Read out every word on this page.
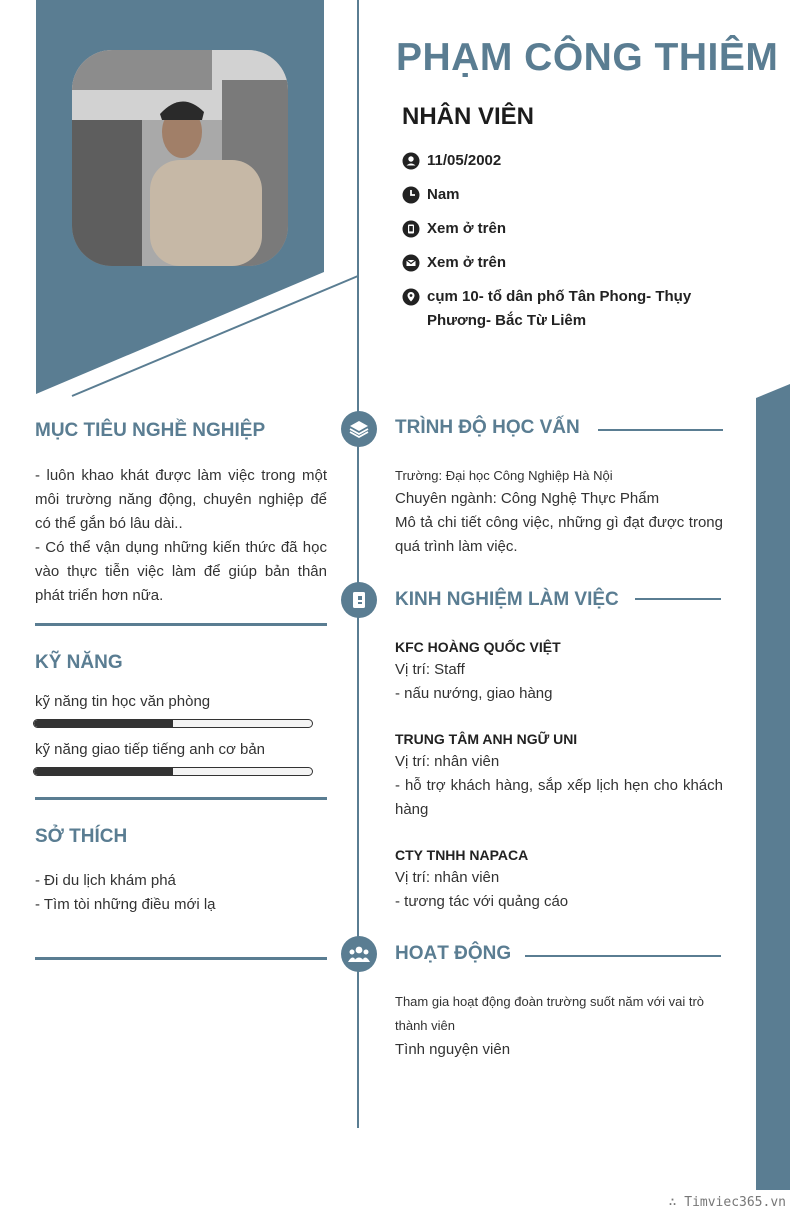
PHẠM CÔNG THIÊM
NHÂN VIÊN
11/05/2002
Nam
Xem ở trên
Xem ở trên
cụm 10- tổ dân phố Tân Phong- Thụy Phương- Bắc Từ Liêm
MỤC TIÊU NGHỀ NGHIỆP
- luôn khao khát được làm việc trong một môi trường năng động, chuyên nghiệp để có thể gắn bó lâu dài..
- Có thể vận dụng những kiến thức đã học vào thực tiễn việc làm để giúp bản thân phát triển hơn nữa.
KỸ NĂNG
kỹ năng tin học văn phòng
kỹ năng giao tiếp tiếng anh cơ bản
SỞ THÍCH
- Đi du lịch khám phá
- Tìm tòi những điều mới lạ
TRÌNH ĐỘ HỌC VẤN
Trường: Đại học Công Nghiệp Hà Nội
Chuyên ngành: Công Nghệ Thực Phẩm
Mô tả chi tiết công việc, những gì đạt được trong quá trình làm việc.
KINH NGHIỆM LÀM VIỆC
KFC HOÀNG QUỐC VIỆT
Vị trí: Staff
- nấu nướng, giao hàng
TRUNG TÂM ANH NGỮ UNI
Vị trí: nhân viên
- hỗ trợ khách hàng, sắp xếp lịch hẹn cho khách hàng
CTY TNHH NAPACA
Vị trí: nhân viên
- tương tác với quảng cáo
HOẠT ĐỘNG
Tham gia hoạt động đoàn trường suốt năm với vai trò thành viên
Tình nguyện viên
∴ Timviec365.vn
